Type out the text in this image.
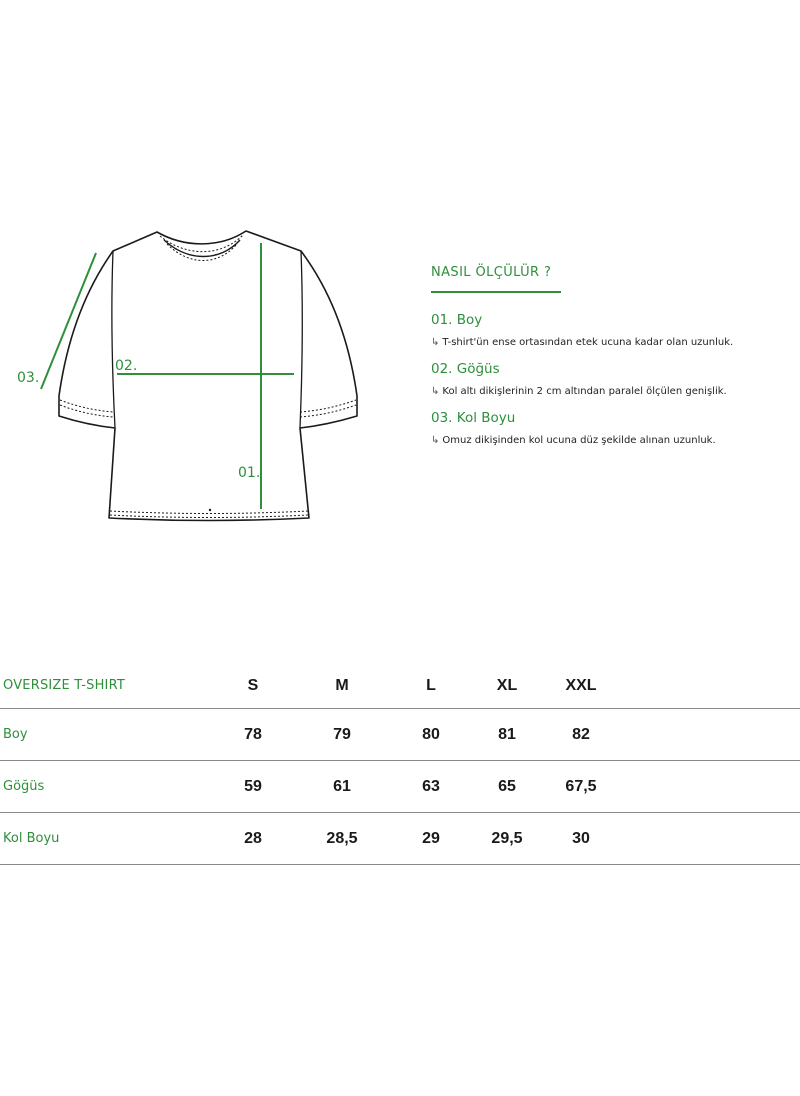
03.
02.
01.
NASIL ÖLÇÜLÜR ?
01. Boy
↳ T-shirt'ün ense ortasından etek ucuna kadar olan uzunluk.
02. Göğüs
↳ Kol altı dikişlerinin 2 cm altından paralel ölçülen genişlik.
03. Kol Boyu
↳ Omuz dikişinden kol ucuna düz şekilde alınan uzunluk.
OVERSIZE T-SHIRT	S	M	L	XL	XXL
Boy	78	79	80	81	82
Göğüs	59	61	63	65	67,5
Kol Boyu	28	28,5	29	29,5	30
